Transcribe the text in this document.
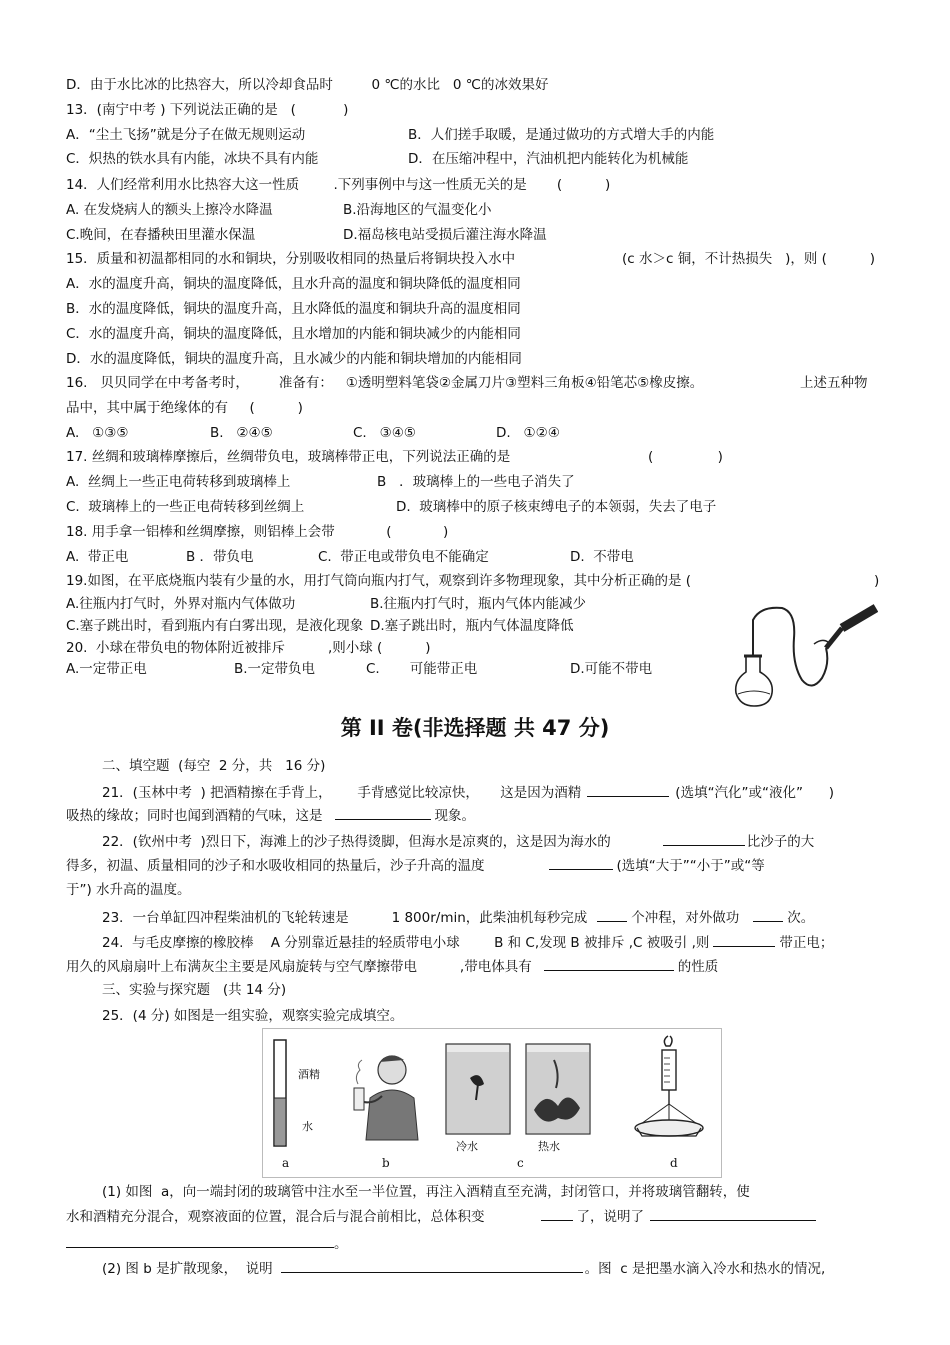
D．由于水比冰的比热容大，所以冷却食品时         0 ℃的水比   0 ℃的冰效果好
13．(南宁中考 ) 下列说法正确的是   (           )
A．“尘土飞扬”就是分子在做无规则运动	B．人们搓手取暖，是通过做功的方式增大手的内能
C．炽热的铁水具有内能，冰块不具有内能	D．在压缩冲程中，汽油机把内能转化为机械能
14．人们经常利用水比热容大这一性质        .下列事例中与这一性质无关的是       (          )
A. 在发烧病人的额头上擦冷水降温	B.沿海地区的气温变化小
C.晚间，在春播秧田里灌水保温	D.福岛核电站受损后灌注海水降温
15．质量和初温都相同的水和铜块，分别吸收相同的热量后将铜块投入水中	(c 水＞c 铜，不计热损失   )，则 (          )
A．水的温度升高，铜块的温度降低，且水升高的温度和铜块降低的温度相同
B．水的温度降低，铜块的温度升高，且水降低的温度和铜块升高的温度相同
C．水的温度升高，铜块的温度降低，且水增加的内能和铜块减少的内能相同
D．水的温度降低，铜块的温度升高，且水减少的内能和铜块增加的内能相同
16.   贝贝同学在中考备考时，       准备有：   ①透明塑料笔袋②金属刀片③塑料三角板④铅笔芯⑤橡皮擦。	上述五种物
品中，其中属于绝缘体的有     (          )
A.   ①③⑤	B.   ②④⑤	C.   ③④⑤	D.   ①②④
17. 丝绸和玻璃棒摩擦后，丝绸带负电，玻璃棒带正电，下列说法正确的是	(               )
A.  丝绸上一些正电荷转移到玻璃棒上	B   ．玻璃棒上的一些电子消失了
C.  玻璃棒上的一些正电荷转移到丝绸上	D.  玻璃棒中的原子核束缚电子的本领弱，失去了电子
18. 用手拿一铝棒和丝绸摩擦，则铝棒上会带            (            )
A.  带正电	B ．带负电	C.  带正电或带负电不能确定	D.  不带电
19.如图，在平底烧瓶内装有少量的水，用打气筒向瓶内打气，观察到许多物理现象，其中分析正确的是 (	)
A.往瓶内打气时，外界对瓶内气体做功	B.往瓶内打气时，瓶内气体内能减少
C.塞子跳出时，看到瓶内有白雾出现，是液化现象 D.塞子跳出时，瓶内气体温度降低
20.  小球在带负电的物体附近被排斥          ,则小球 (          )
A.一定带正电	B.一定带负电	C.       可能带正电	D.可能不带电
第 II 卷(非选择题 共 47 分)
二、填空题  (每空  2 分，共   16 分)
21．(玉林中考  ) 把酒精擦在手背上，      手背感觉比较凉快，     这是因为酒精	(选填“汽化”或“液化”      )
吸热的缘故；同时也闻到酒精的气味，这是	现象。
22．(钦州中考  )烈日下，海滩上的沙子热得烫脚，但海水是凉爽的，这是因为海水的	比沙子的大
得多，初温、质量相同的沙子和水吸收相同的热量后，沙子升高的温度	(选填“大于”“小于”或“等
于”) 水升高的温度。
23．一台单缸四冲程柴油机的飞轮转速是          1 800r/min，此柴油机每秒完成	个冲程，对外做功	次。
24.  与毛皮摩擦的橡胶棒    A 分别靠近悬挂的轻质带电小球        B 和 C,发现 B 被排斥 ,C 被吸引 ,则	带正电；
用久的风扇扇叶上布满灰尘主要是风扇旋转与空气摩擦带电          ,带电体具有	的性质
三、实验与探究题   (共 14 分)
25．(4 分) 如图是一组实验，观察实验完成填空。
酒精
水
冷水	热水
a	b	c	d
(1) 如图  a，向一端封闭的玻璃管中注水至一半位置，再注入酒精直至充满，封闭管口，并将玻璃管翻转，使
水和酒精充分混合，观察液面的位置，混合后与混合前相比，总体积变	了，说明了
。
(2) 图 b 是扩散现象，  说明	。图  c 是把墨水滴入冷水和热水的情况,
